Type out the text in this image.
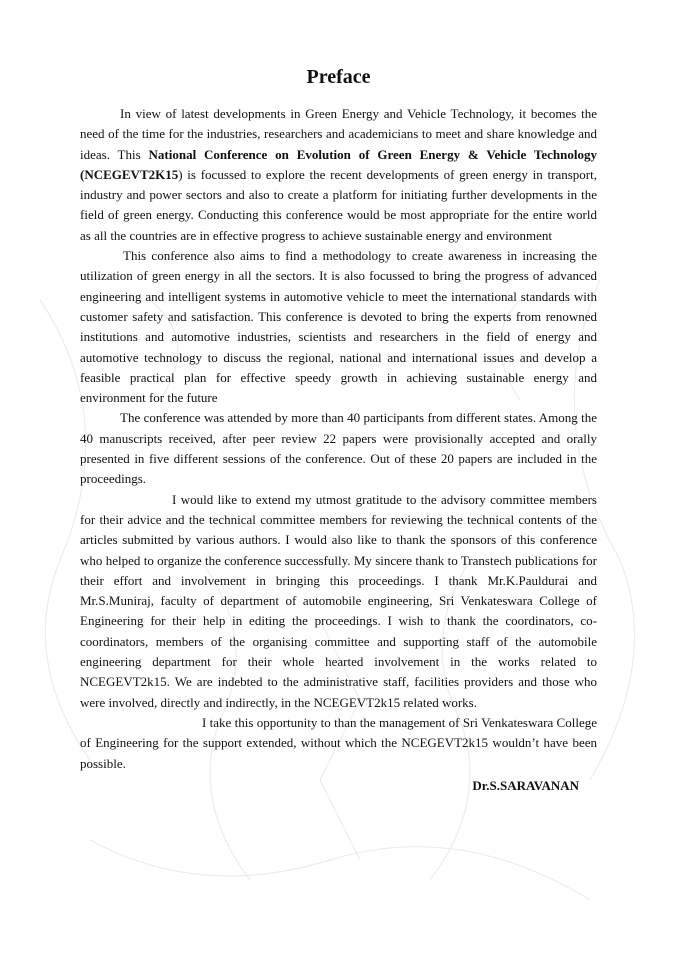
Preface

In view of latest developments in Green Energy and Vehicle Technology, it becomes the need of the time for the industries, researchers and academicians to meet and share knowledge and ideas. This National Conference on Evolution of Green Energy & Vehicle Technology (NCEGEVT2K15) is focussed to explore the recent developments of green energy in transport, industry and power sectors and also to create a platform for initiating further developments in the field of green energy. Conducting this conference would be most appropriate for the entire world as all the countries are in effective progress to achieve sustainable energy and environment

This conference also aims to find a methodology to create awareness in increasing the utilization of green energy in all the sectors. It is also focussed to bring the progress of advanced engineering and intelligent systems in automotive vehicle to meet the international standards with customer safety and satisfaction. This conference is devoted to bring the experts from renowned institutions and automotive industries, scientists and researchers in the field of energy and automotive technology to discuss the regional, national and international issues and develop a feasible practical plan for effective speedy growth in achieving sustainable energy and environment for the future

The conference was attended by more than 40 participants from different states. Among the 40 manuscripts received, after peer review 22 papers were provisionally accepted and orally presented in five different sessions of the conference. Out of these 20 papers are included in the proceedings.

I would like to extend my utmost gratitude to the advisory committee members for their advice and the technical committee members for reviewing the technical contents of the articles submitted by various authors. I would also like to thank the sponsors of this conference who helped to organize the conference successfully. My sincere thank to Transtech publications for their effort and involvement in bringing this proceedings. I thank Mr.K.Pauldurai and Mr.S.Muniraj, faculty of department of automobile engineering, Sri Venkateswara College of Engineering for their help in editing the proceedings. I wish to thank the coordinators, co-coordinators, members of the organising committee and supporting staff of the automobile engineering department for their whole hearted involvement in the works related to NCEGEVT2k15. We are indebted to the administrative staff, facilities providers and those who were involved, directly and indirectly, in the NCEGEVT2k15 related works.

I take this opportunity to than the management of Sri Venkateswara College of Engineering for the support extended, without which the NCEGEVT2k15 wouldn’t have been possible.

Dr.S.SARAVANAN
